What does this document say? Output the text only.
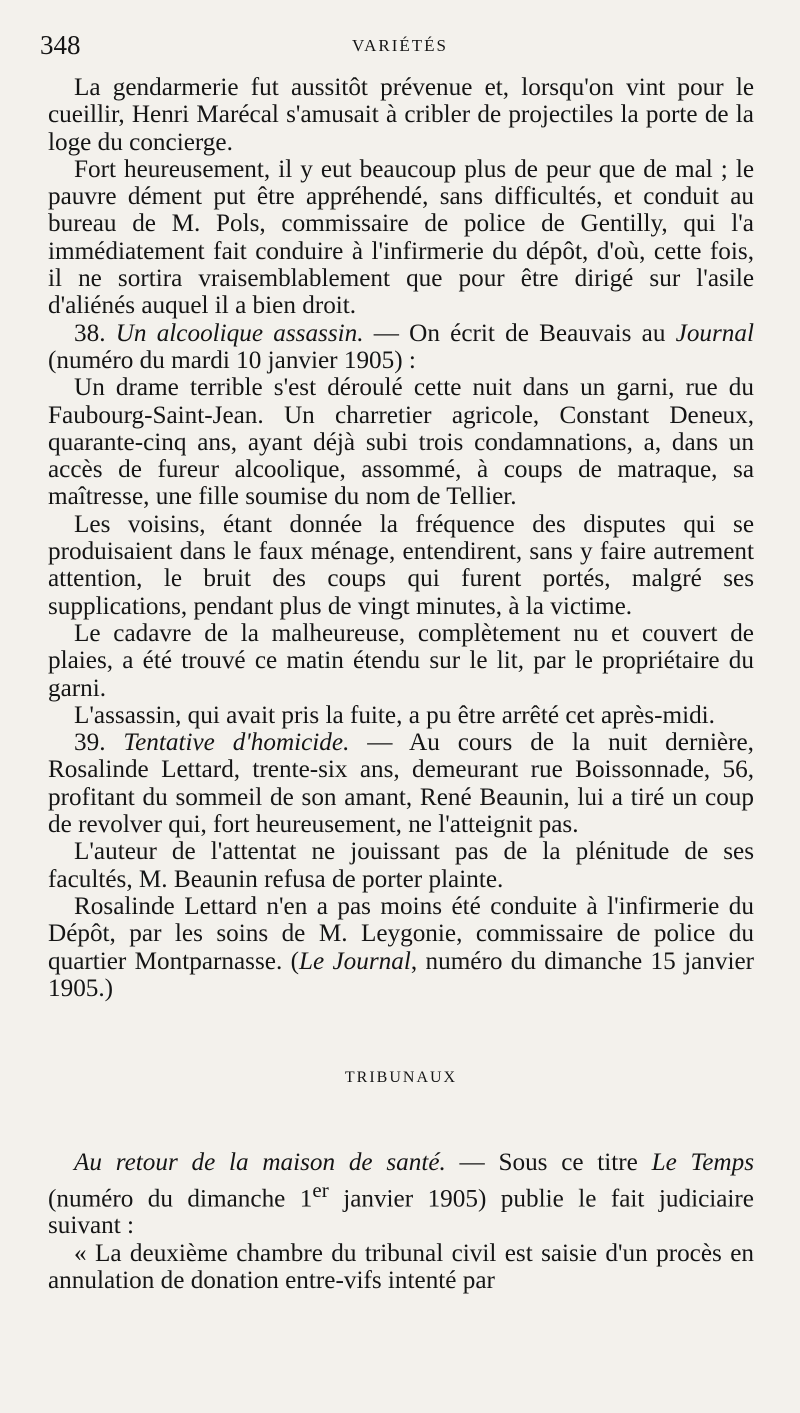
348	VARIÉTÉS

La gendarmerie fut aussitôt prévenue et, lorsqu'on vint pour le cueillir, Henri Marécal s'amusait à cribler de projectiles la porte de la loge du concierge.

Fort heureusement, il y eut beaucoup plus de peur que de mal ; le pauvre dément put être appréhendé, sans difficultés, et conduit au bureau de M. Pols, commissaire de police de Gentilly, qui l'a immédiatement fait conduire à l'infirmerie du dépôt, d'où, cette fois, il ne sortira vraisemblablement que pour être dirigé sur l'asile d'aliénés auquel il a bien droit.

38. Un alcoolique assassin. — On écrit de Beauvais au Journal (numéro du mardi 10 janvier 1905) :

Un drame terrible s'est déroulé cette nuit dans un garni, rue du Faubourg-Saint-Jean. Un charretier agricole, Constant Deneux, quarante-cinq ans, ayant déjà subi trois condamnations, a, dans un accès de fureur alcoolique, assommé, à coups de matraque, sa maîtresse, une fille soumise du nom de Tellier.

Les voisins, étant donnée la fréquence des disputes qui se produisaient dans le faux ménage, entendirent, sans y faire autrement attention, le bruit des coups qui furent portés, malgré ses supplications, pendant plus de vingt minutes, à la victime.

Le cadavre de la malheureuse, complètement nu et couvert de plaies, a été trouvé ce matin étendu sur le lit, par le propriétaire du garni.

L'assassin, qui avait pris la fuite, a pu être arrêté cet après-midi.

39. Tentative d'homicide. — Au cours de la nuit dernière, Rosalinde Lettard, trente-six ans, demeurant rue Boissonnade, 56, profitant du sommeil de son amant, René Beaunin, lui a tiré un coup de revolver qui, fort heureusement, ne l'atteignit pas.

L'auteur de l'attentat ne jouissant pas de la plénitude de ses facultés, M. Beaunin refusa de porter plainte.

Rosalinde Lettard n'en a pas moins été conduite à l'infirmerie du Dépôt, par les soins de M. Leygonie, commissaire de police du quartier Montparnasse. (Le Journal, numéro du dimanche 15 janvier 1905.)

TRIBUNAUX

Au retour de la maison de santé. — Sous ce titre Le Temps (numéro du dimanche 1er janvier 1905) publie le fait judiciaire suivant :

« La deuxième chambre du tribunal civil est saisie d'un procès en annulation de donation entre-vifs intenté par
